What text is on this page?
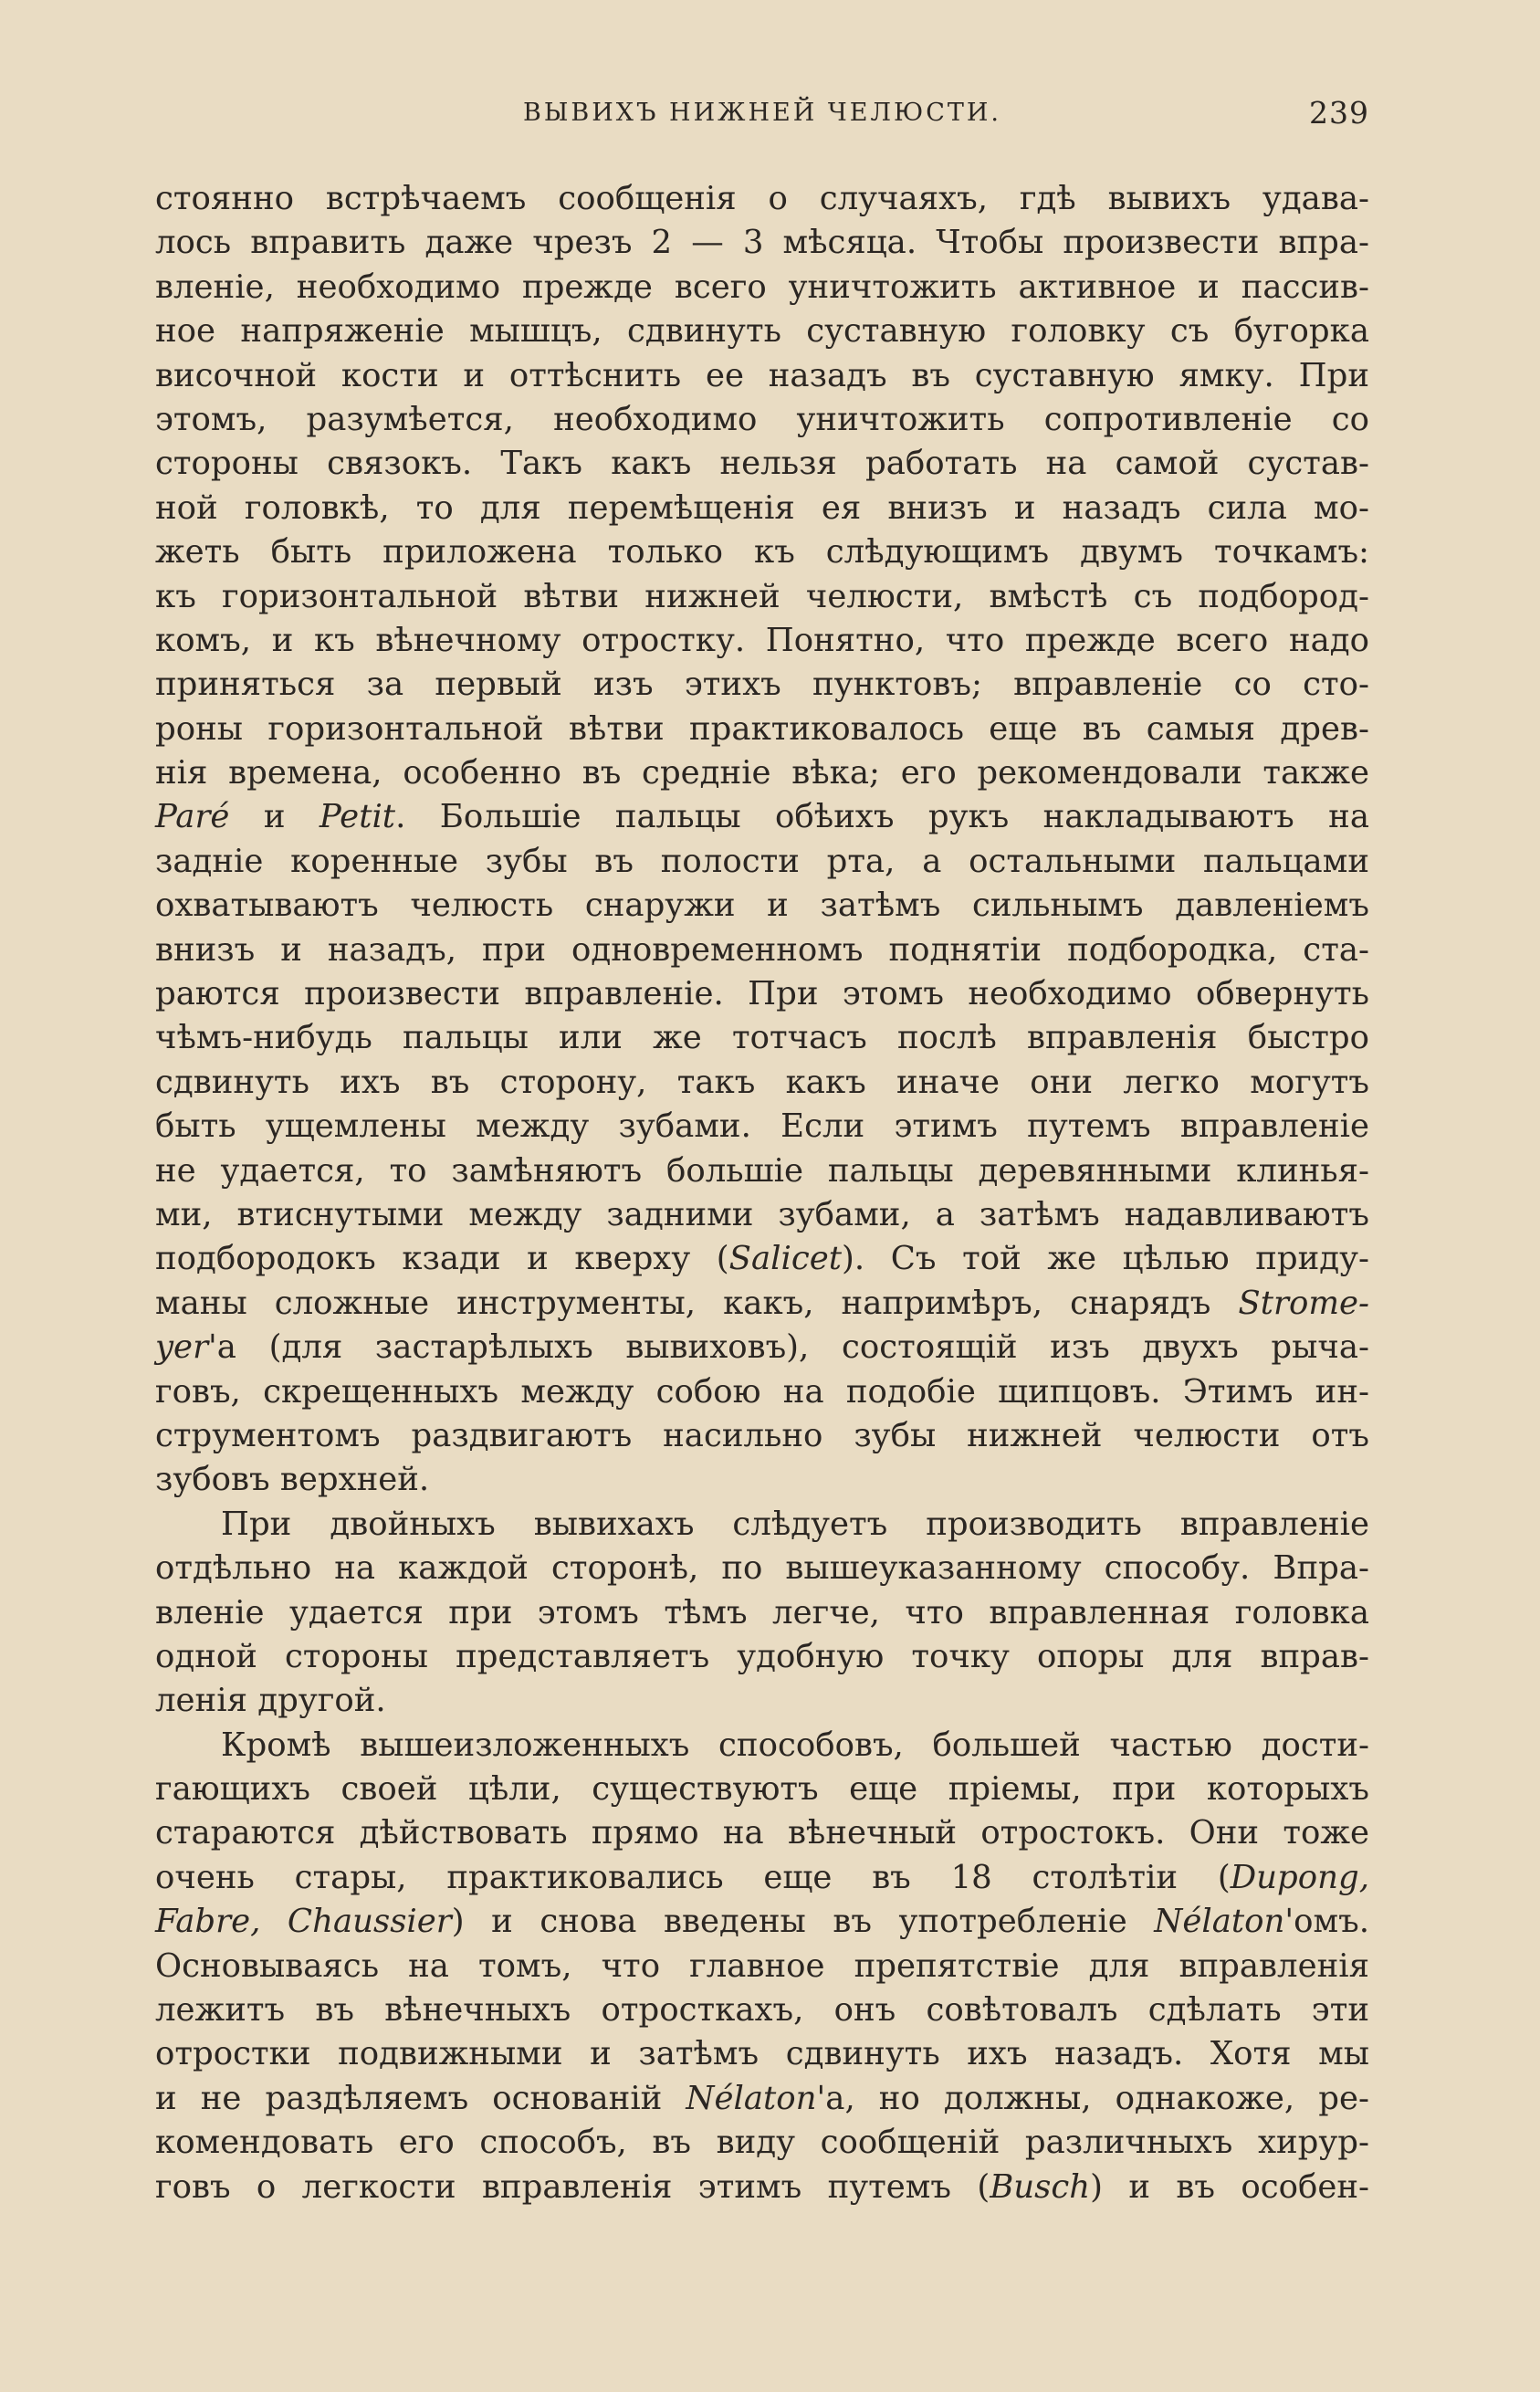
ВЫВИХЪ НИЖНЕЙ ЧЕЛЮСТИ.	239
стоянно встрѣчаемъ сообщенія о случаяхъ, гдѣ вывихъ удава-
лось вправить даже чрезъ 2 — 3 мѣсяца. Чтобы произвести впра-
вленіе, необходимо прежде всего уничтожить активное и пассив-
ное напряженіе мышцъ, сдвинуть суставную головку съ бугорка
височной кости и оттѣснить ее назадъ въ суставную ямку. При
этомъ, разумѣется, необходимо уничтожить сопротивленіе со
стороны связокъ. Такъ какъ нельзя работать на самой сустав-
ной головкѣ, то для перемѣщенія ея внизъ и назадъ сила мо-
жеть быть приложена только къ слѣдующимъ двумъ точкамъ:
къ горизонтальной вѣтви нижней челюсти, вмѣстѣ съ подбород-
комъ, и къ вѣнечному отростку. Понятно, что прежде всего надо
приняться за первый изъ этихъ пунктовъ; вправленіе со сто-
роны горизонтальной вѣтви практиковалось еще въ самыя древ-
нія времена, особенно въ средніе вѣка; его рекомендовали также
Paré и Petit. Большіе пальцы обѣихъ рукъ накладываютъ на
задніе коренные зубы въ полости рта, а остальными пальцами
охватываютъ челюсть снаружи и затѣмъ сильнымъ давленіемъ
внизъ и назадъ, при одновременномъ поднятіи подбородка, ста-
раются произвести вправленіе. При этомъ необходимо обвернуть
чѣмъ-нибудь пальцы или же тотчасъ послѣ вправленія быстро
сдвинуть ихъ въ сторону, такъ какъ иначе они легко могутъ
быть ущемлены между зубами. Если этимъ путемъ вправленіе
не удается, то замѣняютъ большіе пальцы деревянными клинья-
ми, втиснутыми между задними зубами, а затѣмъ надавливаютъ
подбородокъ кзади и кверху (Salicet). Съ той же цѣлью приду-
маны сложные инструменты, какъ, напримѣръ, снарядъ Strome-
yer'а (для застарѣлыхъ вывиховъ), состоящій изъ двухъ рыча-
говъ, скрещенныхъ между собою на подобіе щипцовъ. Этимъ ин-
струментомъ раздвигаютъ насильно зубы нижней челюсти отъ
зубовъ верхней.
При двойныхъ вывихахъ слѣдуетъ производить вправленіе
отдѣльно на каждой сторонѣ, по вышеуказанному способу. Впра-
вленіе удается при этомъ тѣмъ легче, что вправленная головка
одной стороны представляетъ удобную точку опоры для вправ-
ленія другой.
Кромѣ вышеизложенныхъ способовъ, большей частью дости-
гающихъ своей цѣли, существуютъ еще пріемы, при которыхъ
стараются дѣйствовать прямо на вѣнечный отростокъ. Они тоже
очень стары, практиковались еще въ 18 столѣтіи (Dupong,
Fabre, Chaussier) и снова введены въ употребленіе Nélaton'омъ.
Основываясь на томъ, что главное препятствіе для вправленія
лежитъ въ вѣнечныхъ отросткахъ, онъ совѣтовалъ сдѣлать эти
отростки подвижными и затѣмъ сдвинуть ихъ назадъ. Хотя мы
и не раздѣляемъ основаній Nélaton'а, но должны, однакоже, ре-
комендовать его способъ, въ виду сообщеній различныхъ хирур-
говъ о легкости вправленія этимъ путемъ (Busch) и въ особен-
